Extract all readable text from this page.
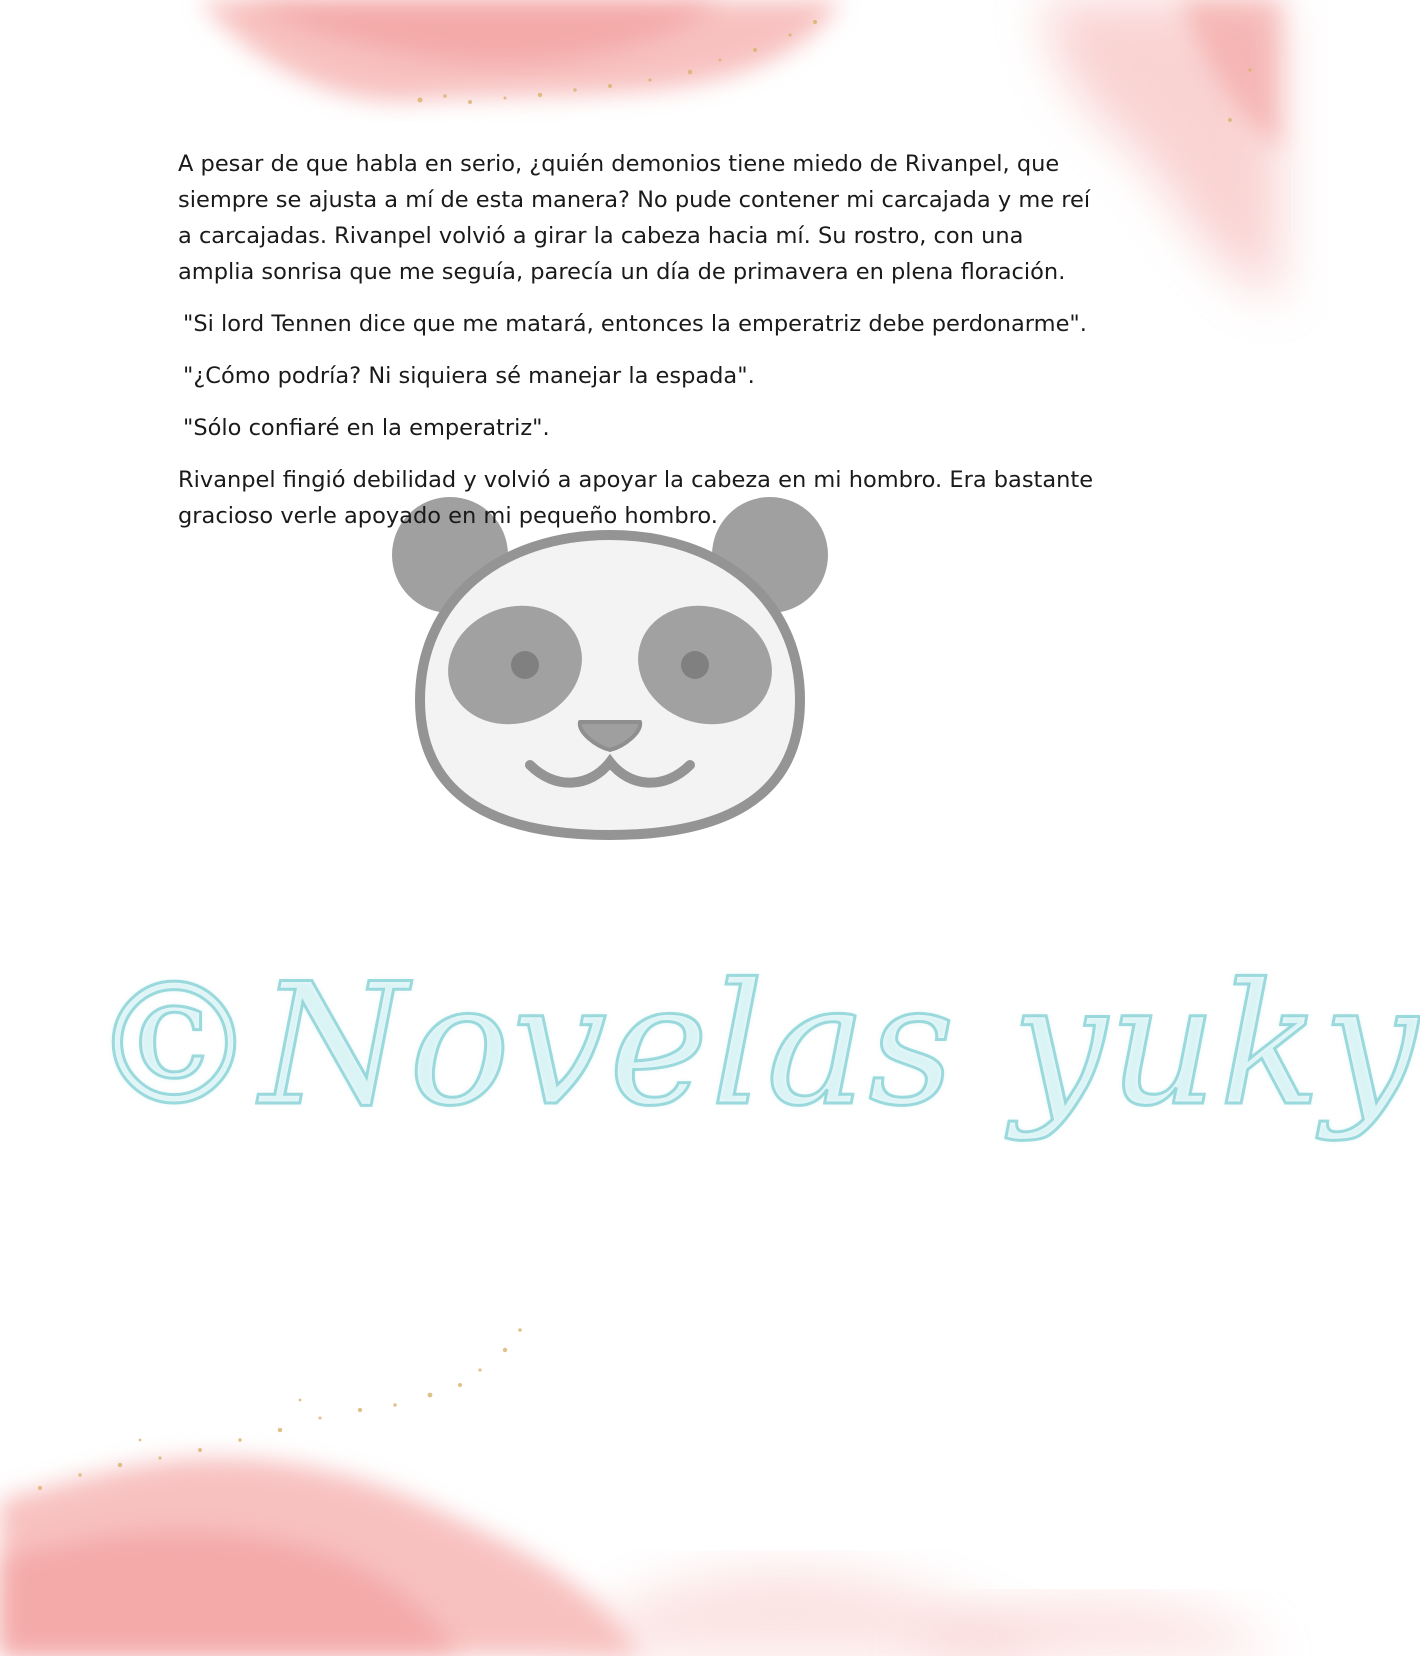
A pesar de que habla en serio, ¿quién demonios tiene miedo de Rivanpel, que siempre se ajusta a mí de esta manera? No pude contener mi carcajada y me reí a carcajadas. Rivanpel volvió a girar la cabeza hacia mí. Su rostro, con una amplia sonrisa que me seguía, parecía un día de primavera en plena floración.

"Si lord Tennen dice que me matará, entonces la emperatriz debe perdonarme".

"¿Cómo podría? Ni siquiera sé manejar la espada".

"Sólo confiaré en la emperatriz".

Rivanpel fingió debilidad y volvió a apoyar la cabeza en mi hombro. Era bastante gracioso verle apoyado en mi pequeño hombro.

©Novelas yuky
